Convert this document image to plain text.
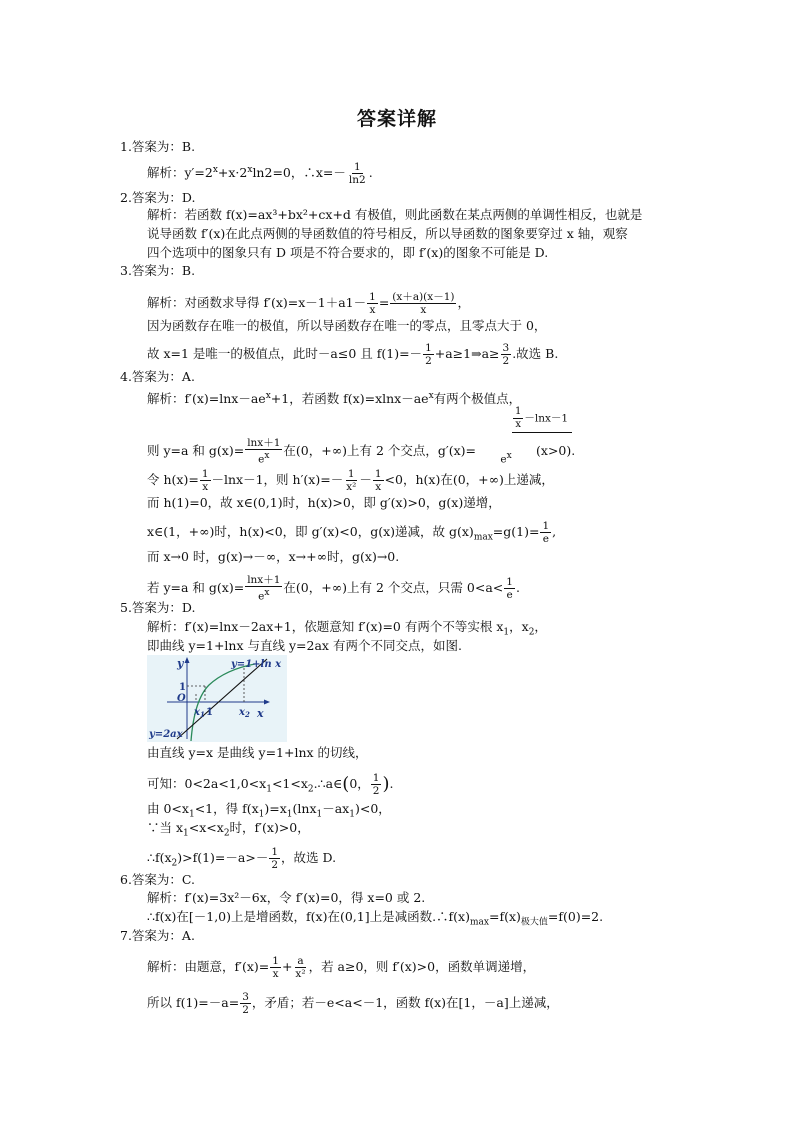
答案详解
1.答案为：B.
解析：$y'=2^x+x\cdot 2^x\ln 2=0$，∴x=－ $\frac{1}{\ln 2}$ .
2.答案为：D.
解析：若函数 f(x)=ax³+bx²+cx+d 有极值，则此函数在某点两侧的单调性相反，也就是
说导函数 f′(x)在此点两侧的导函数值的符号相反，所以导函数的图象要穿过 x 轴，观察
四个选项中的图象只有 D 项是不符合要求的，即 f′(x)的图象不可能是 D.
3.答案为：B.
解析：对函数求导得 $f'(x)=x-1+a1- \frac{1}{x} = \frac{(x+a)(x-1)}{x}$ ，
因为函数存在唯一的极值，所以导函数存在唯一的零点，且零点大于 0，
故 x=1 是唯一的极值点，此时－a≤0 且 $f(1)=- \frac{1}{2}$ +a≥1⇒a≥ $\frac{3}{2}$ .故选 B.
4.答案为：A.
解析：$f'(x)=\ln x-ae^x+1$，若函数 $f(x)=xlnx-ae^x$有两个极值点，
$\frac{1}{x} -\ln x-1$
则 y=a 和 $g(x)= \frac{\ln x+1}{ex}$ 在(0，+∞)上有 2 个交点，g′(x)=ex (x>0).
令 $h(x)= \frac{1}{x} -\ln x-1$，则 $h'(x)=- \frac{1}{\text{x²}} - \frac{1}{x} <0$，h(x)在(0，+∞)上递减，
而 h(1)=0，故 x∈(0,1)时，h(x)>0，即 g′(x)>0，g(x)递增，
x∈(1，+∞)时，h(x)<0，即 g′(x)<0，g(x)递减，故 $g(x)_{max}=g(1)= \frac{1}{e}$ ,
而 x→0 时，g(x)→－∞，x→+∞时，g(x)→0.
若 y=a 和 $g(x)= \frac{\ln x+1}{ex}$ 在(0，+∞)上有 2 个交点，只需 $0<a< \frac{1}{e}$ .
5.答案为：D.
解析：f′(x)=lnx－2ax+1，依题意知 f′(x)=0 有两个不等实根 $x_1$，$x_2$，
即曲线 y=1+lnx 与直线 y=2ax 有两个不同交点，如图.
y
x
y=1+ln x
y=2ax
O
1
$x_1$ 1	$x_2$
由直线 y=x 是曲线 y=1+lnx 的切线，
可知：$0<2a<1,0<x_1<1<x_2.\therefore a\in(0$， $\frac{1}{2}$ ).
由 $0<x_1<1$，得 $f(x_1)=x_1(\ln x_1-ax_1)<0$，
∵当 $x_1<x<x_2$时，f′(x)>0，
$\therefore f(x_2)>f(1)=-a>- \frac{1}{2}$ ，故选 D.
6.答案为：C.
解析：f′(x)=3x²－6x，令 f′(x)=0，得 x=0 或 2.
∴f(x)在[－1,0)上是增函数，f(x)在(0,1]上是减函数$.\therefore f(x)_{max}=f(x)_{极大值}=f(0)=2$.
7.答案为：A.
解析：由题意，$f'(x)= \frac{1}{x} + \frac{a}{\text{x²}}$ ，若 a≥0，则 f′(x)>0，函数单调递增，
所以 $f(1)=-a= \frac{3}{2}$ ，矛盾；若－e<a<－1，函数 f(x)在[1，－a]上递减，
